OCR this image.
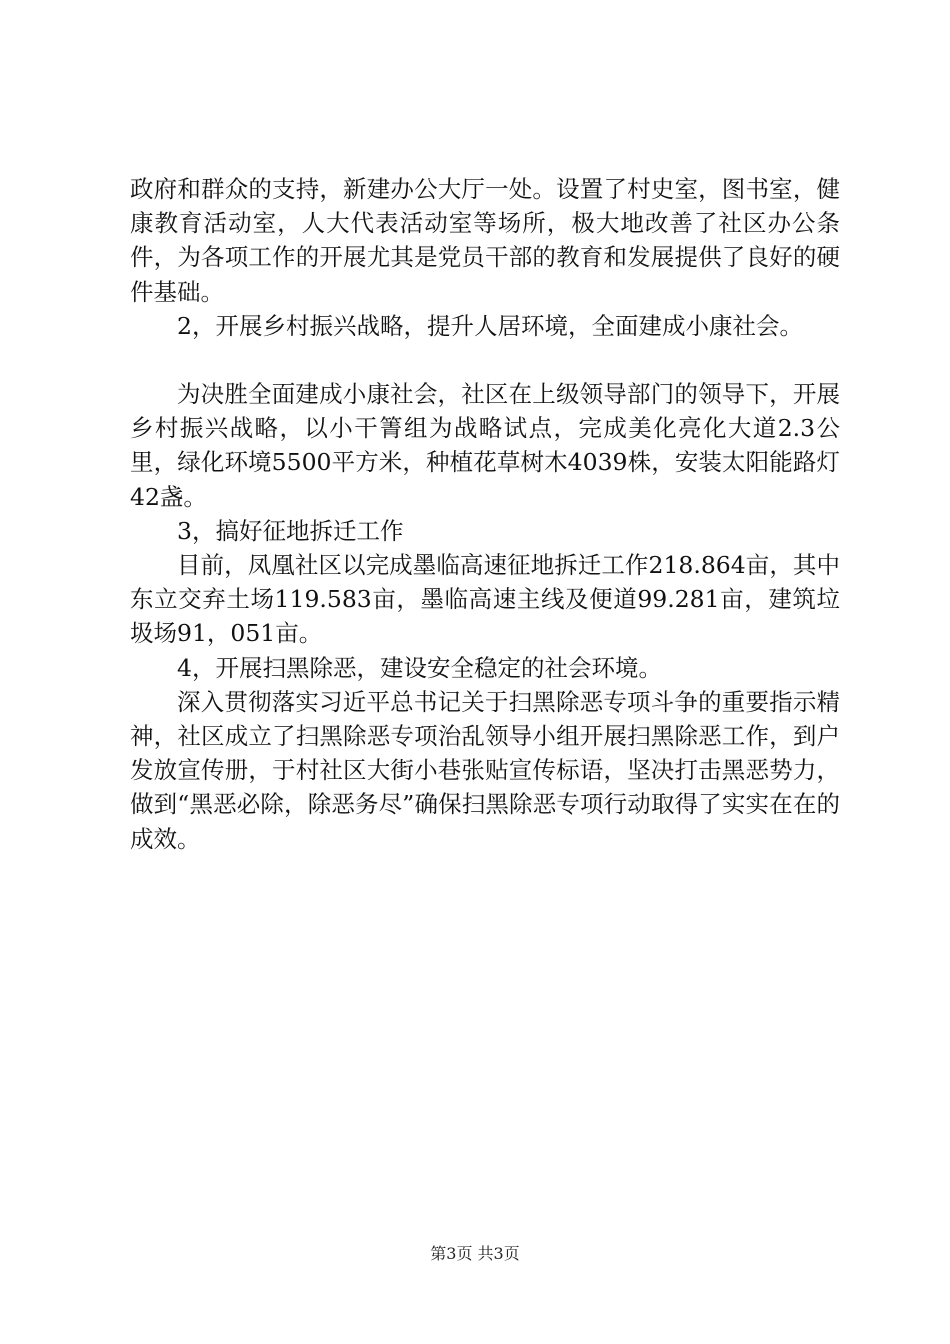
政府和群众的支持，新建办公大厅一处。设置了村史室，图书室，健康教育活动室，人大代表活动室等场所，极大地改善了社区办公条件，为各项工作的开展尤其是党员干部的教育和发展提供了良好的硬件基础。

2，开展乡村振兴战略，提升人居环境，全面建成小康社会。

为决胜全面建成小康社会，社区在上级领导部门的领导下，开展乡村振兴战略，以小干箐组为战略试点，完成美化亮化大道2.3公里，绿化环境5500平方米，种植花草树木4039株，安装太阳能路灯42盏。

3，搞好征地拆迁工作

目前，凤凰社区以完成墨临高速征地拆迁工作218.864亩，其中东立交弃土场119.583亩，墨临高速主线及便道99.281亩，建筑垃圾场91，051亩。

4，开展扫黑除恶，建设安全稳定的社会环境。

深入贯彻落实习近平总书记关于扫黑除恶专项斗争的重要指示精神，社区成立了扫黑除恶专项治乱领导小组开展扫黑除恶工作，到户发放宣传册，于村社区大街小巷张贴宣传标语，坚决打击黑恶势力，做到“黑恶必除，除恶务尽”确保扫黑除恶专项行动取得了实实在在的成效。

第3页 共3页
